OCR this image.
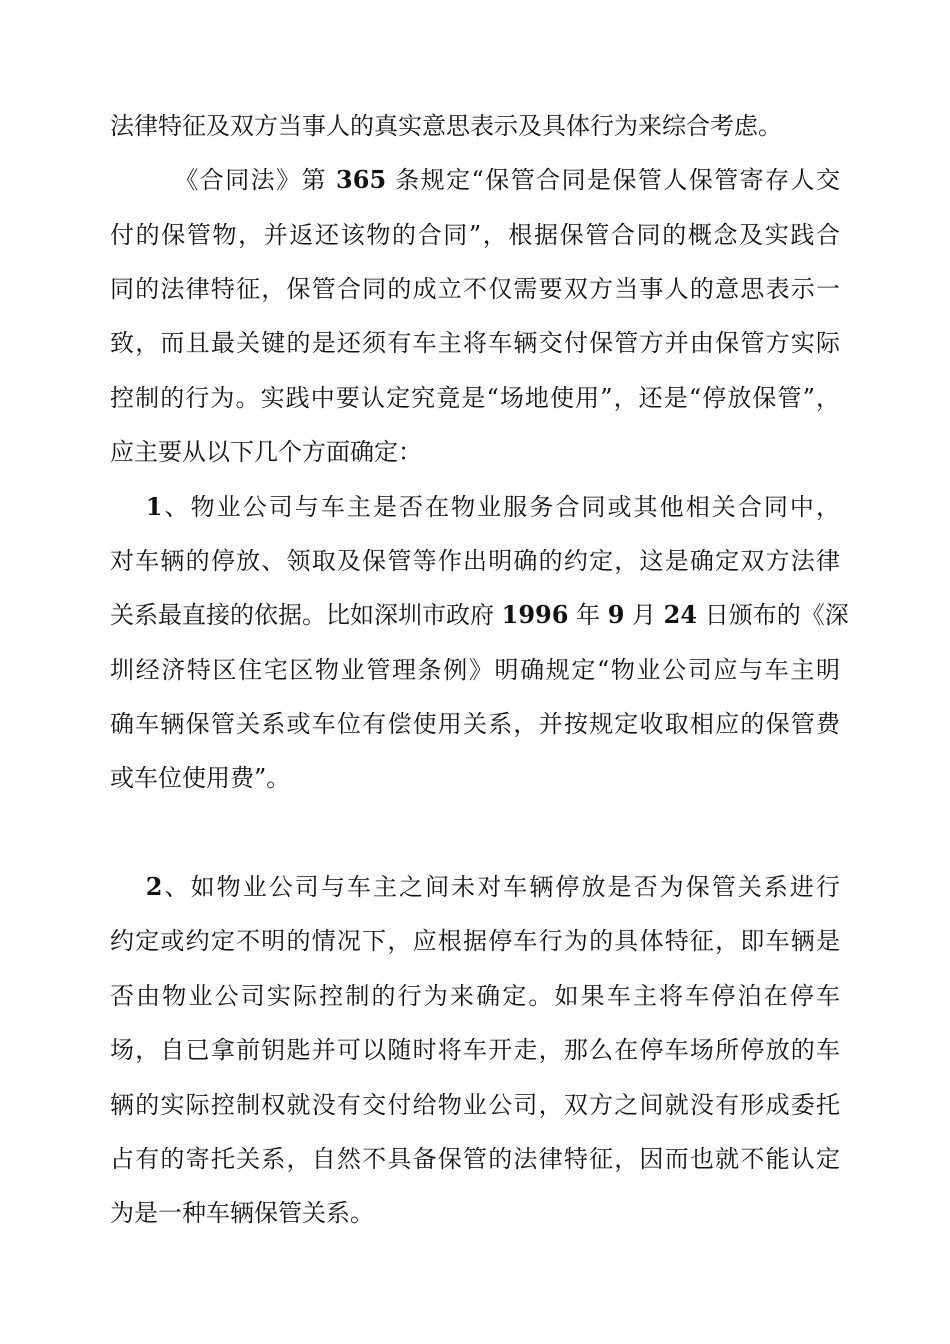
法律特征及双方当事人的真实意思表示及具体行为来综合考虑。
　　　《合同法》第 365 条规定“保管合同是保管人保管寄存人交
付的保管物，并返还该物的合同”，根据保管合同的概念及实践合
同的法律特征，保管合同的成立不仅需要双方当事人的意思表示一
致，而且最关键的是还须有车主将车辆交付保管方并由保管方实际
控制的行为。实践中要认定究竟是“场地使用”，还是“停放保管”，
应主要从以下几个方面确定：
　 1、物业公司与车主是否在物业服务合同或其他相关合同中，
对车辆的停放、领取及保管等作出明确的约定，这是确定双方法律
关系最直接的依据。比如深圳市政府 1996 年 9 月 24 日颁布的《深
圳经济特区住宅区物业管理条例》明确规定“物业公司应与车主明
确车辆保管关系或车位有偿使用关系，并按规定收取相应的保管费
或车位使用费”。
　 2、如物业公司与车主之间未对车辆停放是否为保管关系进行
约定或约定不明的情况下，应根据停车行为的具体特征，即车辆是
否由物业公司实际控制的行为来确定。如果车主将车停泊在停车
场，自已拿前钥匙并可以随时将车开走，那么在停车场所停放的车
辆的实际控制权就没有交付给物业公司，双方之间就没有形成委托
占有的寄托关系，自然不具备保管的法律特征，因而也就不能认定
为是一种车辆保管关系。
